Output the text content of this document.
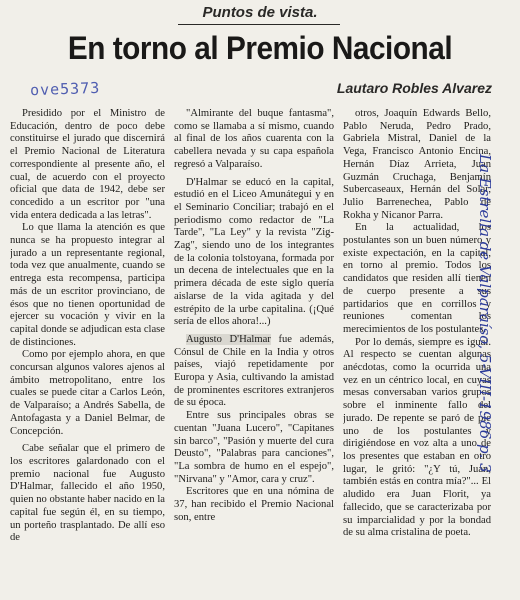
Puntos de vista.
En torno al Premio Nacional
ove5373	Lautaro Robles Alvarez

Presidido por el Ministro de Educación, dentro de poco debe constituirse el jurado que discernirá el Premio Nacional de Literatura correspondiente al presente año, el cual, de acuerdo con el proyecto oficial que data de 1942, debe ser concedido a un escritor por "una vida entera dedicada a las letras".

Lo que llama la atención es que nunca se ha propuesto integrar al jurado a un representante regional, toda vez que anualmente, cuando se entrega esta recompensa, participa más de un escritor provinciano, de ésos que no tienen oportunidad de ejercer su vocación y vivir en la capital donde se adjudican esta clase de distinciones.

Como por ejemplo ahora, en que concursan algunos valores ajenos al ámbito metropolitano, entre los cuales se puede citar a Carlos León, de Valparaíso; a Andrés Sabella, de Antofagasta y a Daniel Belmar, de Concepción.

Cabe señalar que el primero de los escritores galardonado con el premio nacional fue Augusto D'Halmar, fallecido el año 1950, quien no obstante haber nacido en la capital fue según él, en su tiempo, un porteño trasplantado. De allí eso de

"Almirante del buque fantasma", como se llamaba a sí mismo, cuando al final de los años cuarenta con la cabellera nevada y su capa española regresó a Valparaíso.

D'Halmar se educó en la capital, estudió en el Liceo Amunátegui y en el Seminario Conciliar; trabajó en el periodismo como redactor de "La Tarde", "La Ley" y la revista "Zig-Zag", siendo uno de los integrantes de la colonia tolstoyana, formada por un decena de intelectuales que en la primera década de este siglo quería aislarse de la vida agitada y del estrépito de la urbe capitalina. (¡Qué sería de ellos ahora!...)

Augusto D'Halmar fue además, Cónsul de Chile en la India y otros países, viajó repetidamente por Europa y Asia, cultivando la amistad de prominentes escritores extranjeros de su época.

Entre sus principales obras se cuentan "Juana Lucero", "Capitanes sin barco", "Pasión y muerte del cura Deusto", "Palabras para canciones", "La sombra de humo en el espejo", "Nirvana" y "Amor, cara y cruz".

Escritores que en una nómina de 37, han recibido el Premio Nacional son, entre

otros, Joaquín Edwards Bello, Pablo Neruda, Pedro Prado, Gabriela Mistral, Daniel de la Vega, Francisco Antonio Encina, Hernán Díaz Arrieta, Juan Guzmán Cruchaga, Benjamín Subercaseaux, Hernán del Solar, Julio Barrenechea, Pablo de Rokha y Nicanor Parra.

En la actualidad, los postulantes son un buen número y existe expectación, en la capital, en torno al premio. Todos los candidatos que residen allí tienen de cuerpo presente a sus partidarios que en corrillos y reuniones comentan los merecimientos de los postulantes.

Por lo demás, siempre es igual. Al respecto se cuentan algunas anécdotas, como la ocurrida una vez en un céntrico local, en cuyas mesas conversaban varios grupos sobre el inminente fallo del jurado. De repente se paró de pie uno de los postulantes y dirigiéndose en voz alta a uno de los presentes que estaban en otro lugar, le gritó: "¿Y tú, Juan, también estás en contra mía?"... El aludido era Juan Florit, ya fallecido, que se caracterizaba por su imparcialidad y por la bondad de su alma cristalina de poeta.

La Estrella de Valparaíso, 5-VIII-1986 p. 3
